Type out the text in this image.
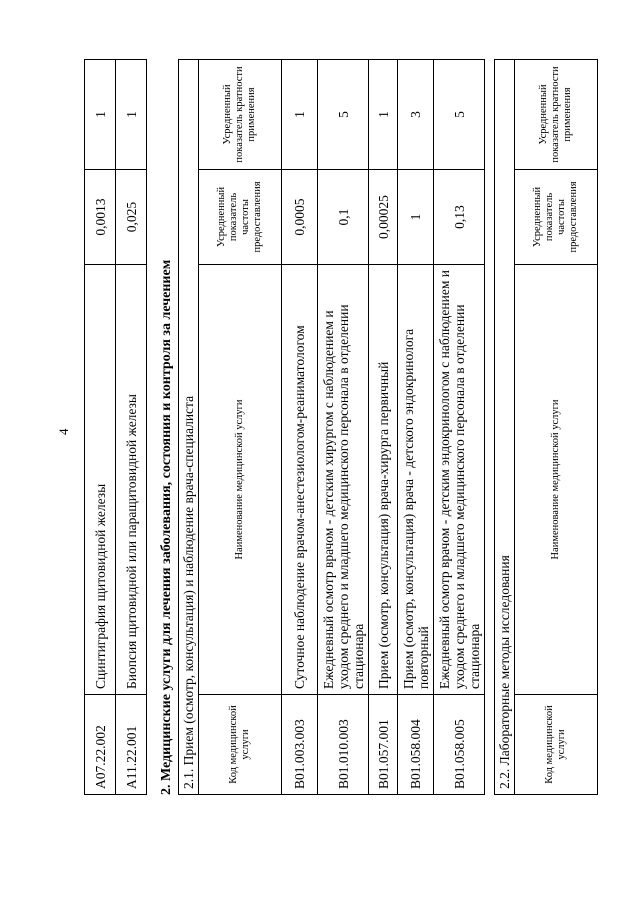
4
A07.22.002	Сцинтиграфия щитовидной железы	0,0013	1
A11.22.001	Биопсия щитовидной или паращитовидной железы	0,025	1
2. Медицинские услуги для лечения заболевания, состояния и контроля за лечением 2.1. Прием (осмотр, консультация) и наблюдение врача-специалиста			
Код медицинской услуги	Наименование медицинской услуги	Усредненный показатель частоты предоставления	Усредненный показатель кратности применения
B01.003.003	Суточное наблюдение врачом-анестезиологом-реаниматологом	0,0005	1
B01.010.003	Ежедневный осмотр врачом - детским хирургом с наблюдением и уходом среднего и младшего медицинского персонала в отделении стационара	0,1	5
B01.057.001	Прием (осмотр, консультация) врача-хирурга первичный	0,00025	1
B01.058.004	Прием (осмотр, консультация) врача - детского эндокринолога повторный	1	3
B01.058.005	Ежедневный осмотр врачом - детским эндокринологом с наблюдением и уходом среднего и младшего медицинского персонала в отделении стационара	0,13	5
2.2. Лабораторные методы исследования
Код медицинской услуги	Наименование медицинской услуги	Усредненный показатель частоты предоставления	Усредненный показатель кратности применения
